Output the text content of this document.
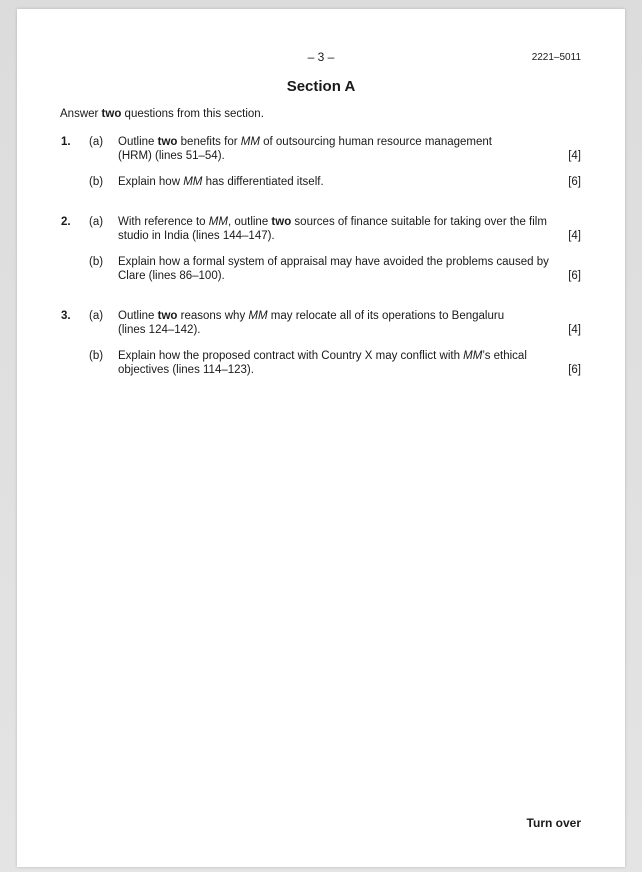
– 3 –	2221–5011
Section A
Answer two questions from this section.
1. (a) Outline two benefits for MM of outsourcing human resource management (HRM) (lines 51–54).	[4]
(b) Explain how MM has differentiated itself.	[6]
2. (a) With reference to MM, outline two sources of finance suitable for taking over the film studio in India (lines 144–147).	[4]
(b) Explain how a formal system of appraisal may have avoided the problems caused by Clare (lines 86–100).	[6]
3. (a) Outline two reasons why MM may relocate all of its operations to Bengaluru (lines 124–142).	[4]
(b) Explain how the proposed contract with Country X may conflict with MM’s ethical objectives (lines 114–123).	[6]
Turn over
